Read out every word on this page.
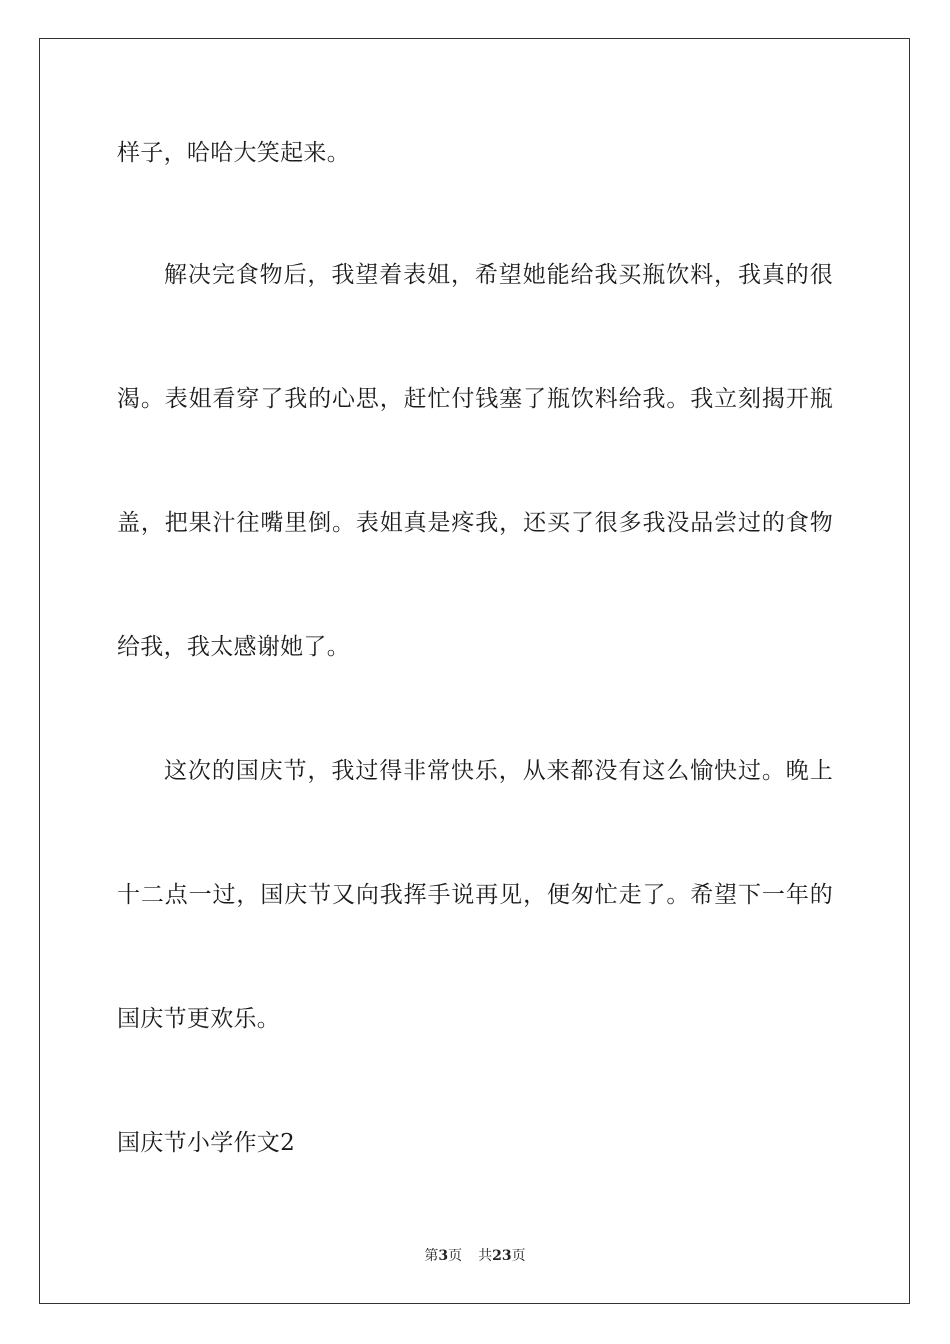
样子，哈哈大笑起来。
解决完食物后，我望着表姐，希望她能给我买瓶饮料，我真的很
渴。表姐看穿了我的心思，赶忙付钱塞了瓶饮料给我。我立刻揭开瓶
盖，把果汁往嘴里倒。表姐真是疼我，还买了很多我没品尝过的食物
给我，我太感谢她了。
这次的国庆节，我过得非常快乐，从来都没有这么愉快过。晚上
十二点一过，国庆节又向我挥手说再见，便匆忙走了。希望下一年的
国庆节更欢乐。
国庆节小学作文2
第3页 共23页
